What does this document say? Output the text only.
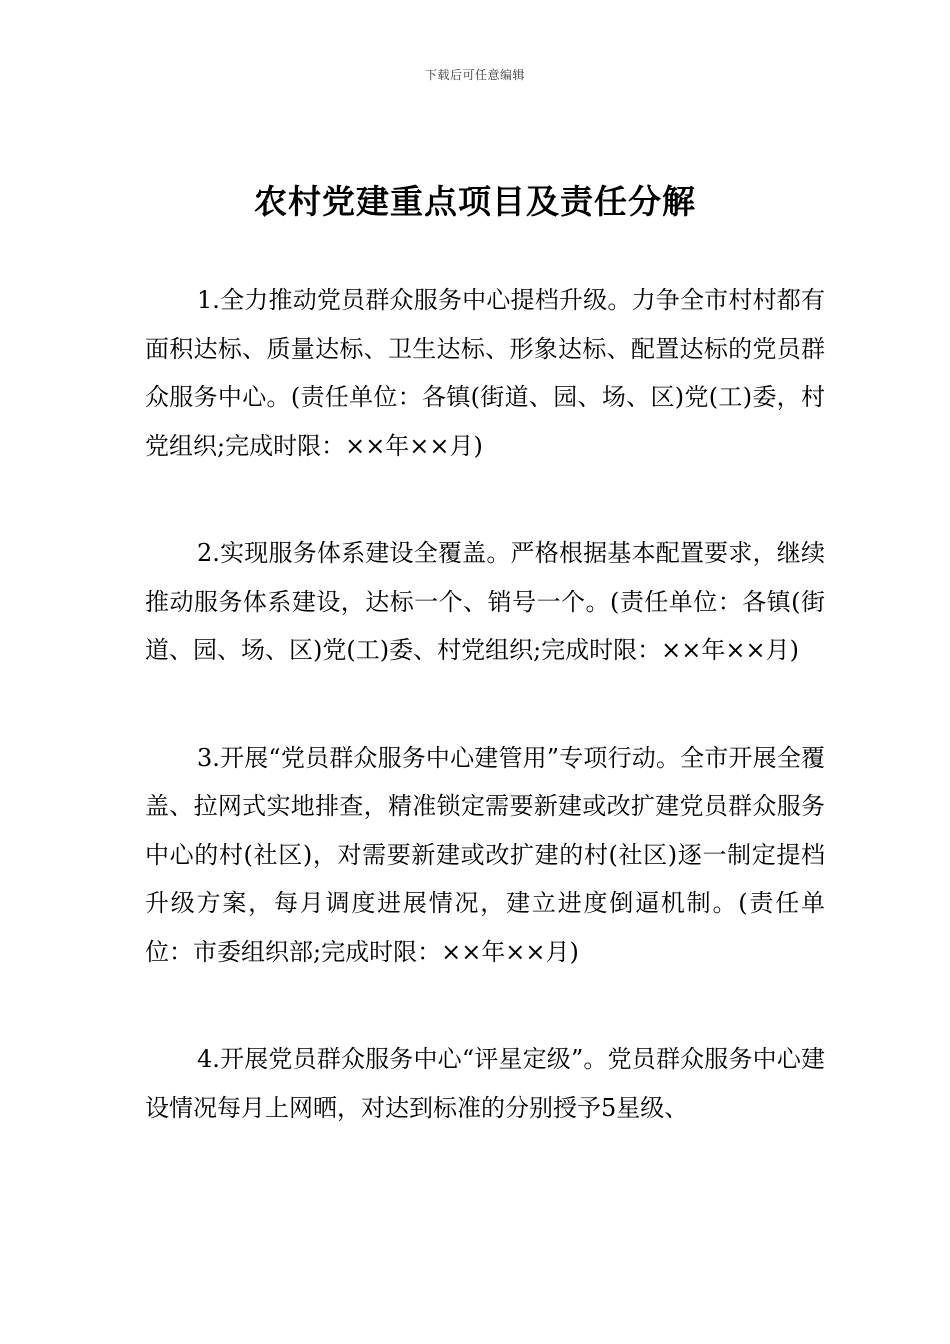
下载后可任意编辑
农村党建重点项目及责任分解

1.全力推动党员群众服务中心提档升级。力争全市村村都有面积达标、质量达标、卫生达标、形象达标、配置达标的党员群众服务中心。(责任单位：各镇(街道、园、场、区)党(工)委，村党组织;完成时限：××年××月)

2.实现服务体系建设全覆盖。严格根据基本配置要求，继续推动服务体系建设，达标一个、销号一个。(责任单位：各镇(街道、园、场、区)党(工)委、村党组织;完成时限：××年××月)

3.开展“党员群众服务中心建管用”专项行动。全市开展全覆盖、拉网式实地排查，精准锁定需要新建或改扩建党员群众服务中心的村(社区)，对需要新建或改扩建的村(社区)逐一制定提档升级方案，每月调度进展情况，建立进度倒逼机制。(责任单位：市委组织部;完成时限：××年××月)

4.开展党员群众服务中心“评星定级”。党员群众服务中心建设情况每月上网晒，对达到标准的分别授予5星级、
